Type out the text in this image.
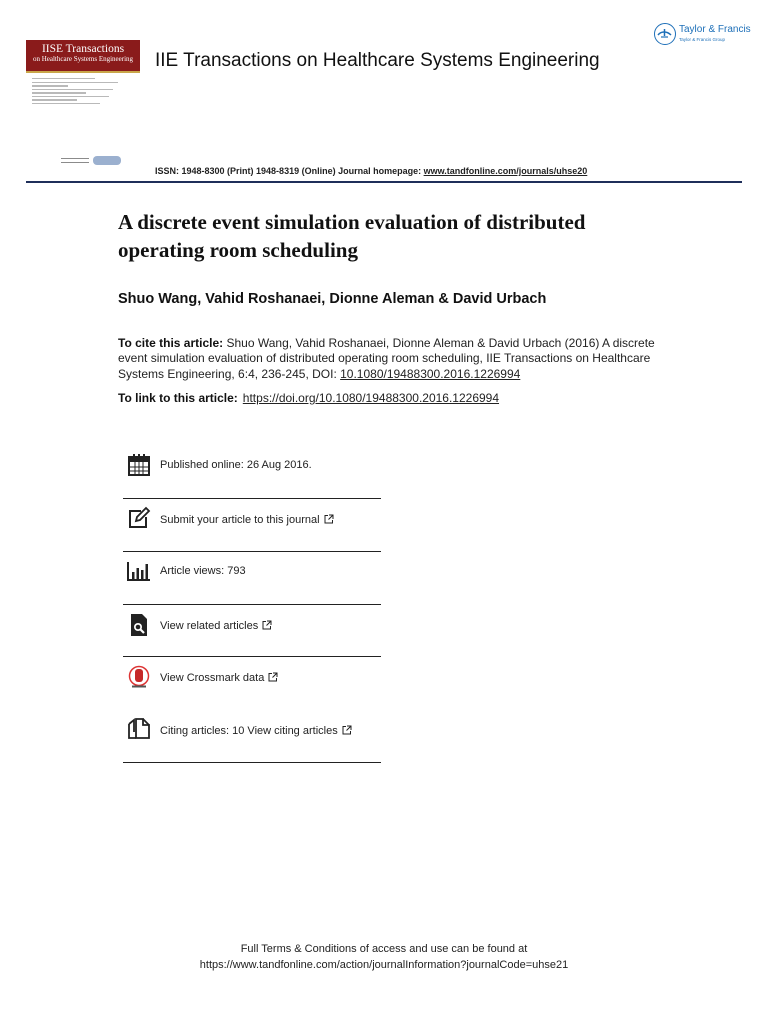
IISE Transactions
on Healthcare Systems Engineering IIE Transactions on Healthcare Systems Engineering
Taylor & Francis
Taylor & Francis Group
ISSN: 1948-8300 (Print) 1948-8319 (Online) Journal homepage: www.tandfonline.com/journals/uhse20
A discrete event simulation evaluation of distributed operating room scheduling
Shuo Wang, Vahid Roshanaei, Dionne Aleman & David Urbach
To cite this article: Shuo Wang, Vahid Roshanaei, Dionne Aleman & David Urbach (2016) A discrete event simulation evaluation of distributed operating room scheduling, IIE Transactions on Healthcare Systems Engineering, 6:4, 236-245, DOI: 10.1080/19488300.2016.1226994
To link to this article: https://doi.org/10.1080/19488300.2016.1226994
Published online: 26 Aug 2016.
Submit your article to this journal
Article views: 793
View related articles
View Crossmark data
Citing articles: 10 View citing articles
Full Terms & Conditions of access and use can be found at
https://www.tandfonline.com/action/journalInformation?journalCode=uhse21
